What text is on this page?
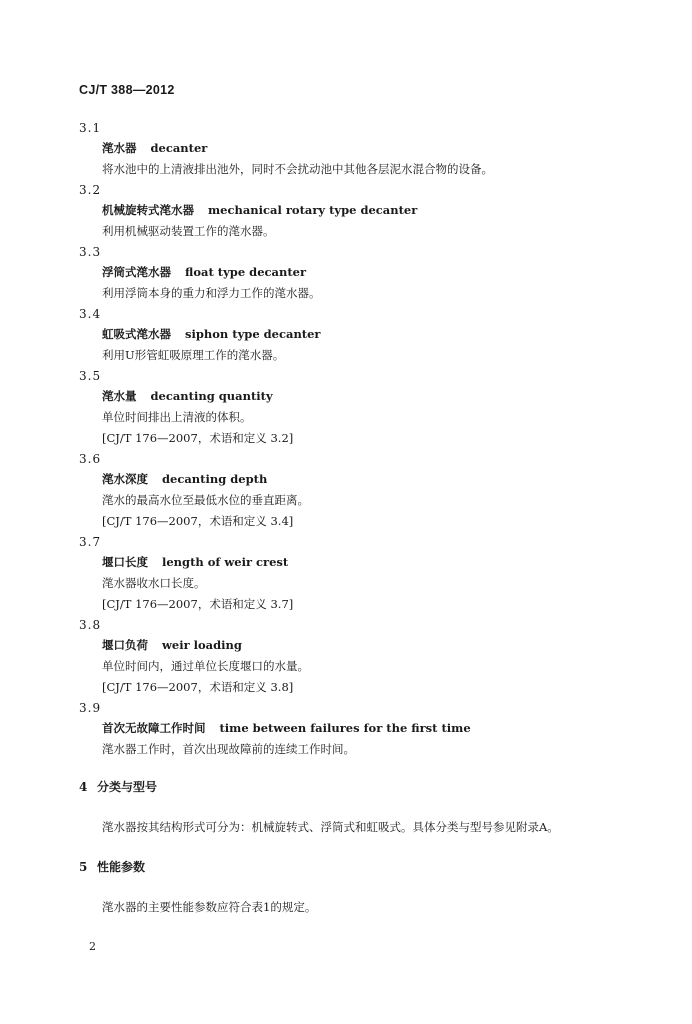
CJ/T 388—2012
3.1
滗水器 decanter
将水池中的上清液排出池外，同时不会扰动池中其他各层泥水混合物的设备。
3.2
机械旋转式滗水器 mechanical rotary type decanter
利用机械驱动装置工作的滗水器。
3.3
浮筒式滗水器 float type decanter
利用浮筒本身的重力和浮力工作的滗水器。
3.4
虹吸式滗水器 siphon type decanter
利用U形管虹吸原理工作的滗水器。
3.5
滗水量 decanting quantity
单位时间排出上清液的体积。
[CJ/T 176—2007，术语和定义 3.2]
3.6
滗水深度 decanting depth
滗水的最高水位至最低水位的垂直距离。
[CJ/T 176—2007，术语和定义 3.4]
3.7
堰口长度 length of weir crest
滗水器收水口长度。
[CJ/T 176—2007，术语和定义 3.7]
3.8
堰口负荷 weir loading
单位时间内，通过单位长度堰口的水量。
[CJ/T 176—2007，术语和定义 3.8]
3.9
首次无故障工作时间 time between failures for the first time
滗水器工作时，首次出现故障前的连续工作时间。
4 分类与型号
滗水器按其结构形式可分为：机械旋转式、浮筒式和虹吸式。具体分类与型号参见附录A。
5 性能参数
滗水器的主要性能参数应符合表1的规定。
2
